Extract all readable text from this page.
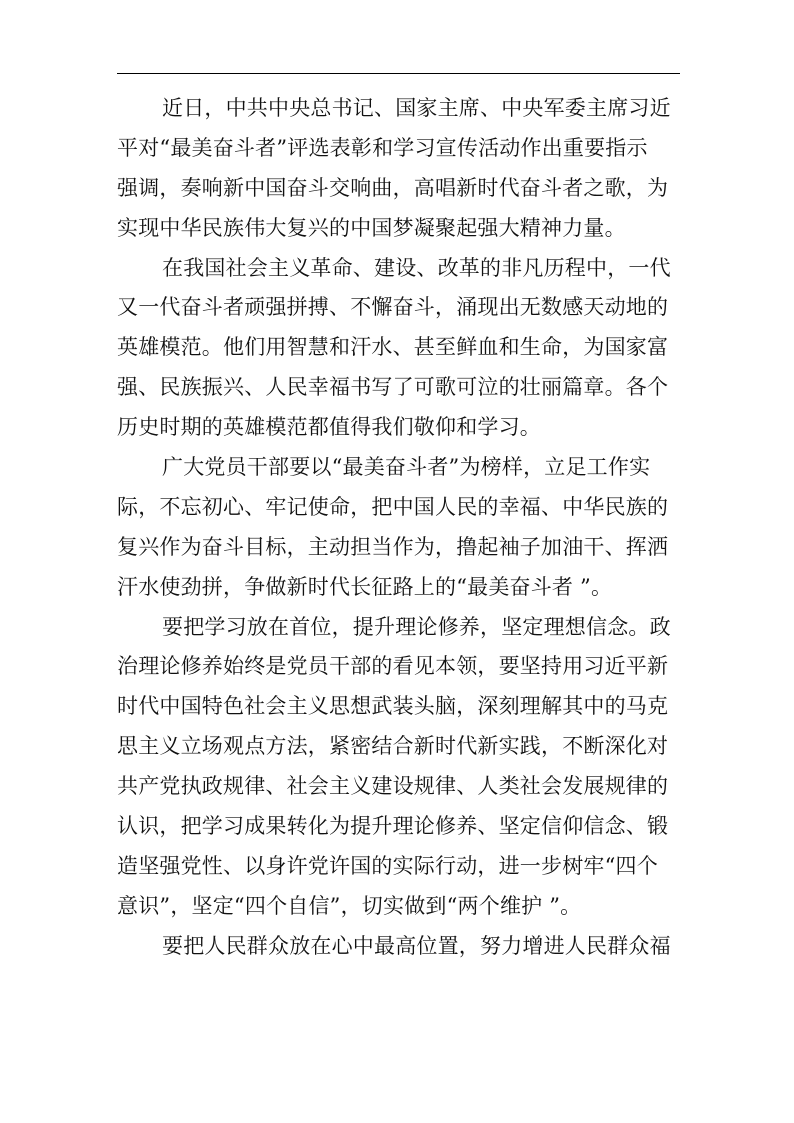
近日，中共中央总书记、国家主席、中央军委主席习近
平对“最美奋斗者”评选表彰和学习宣传活动作出重要指示
强调，奏响新中国奋斗交响曲，高唱新时代奋斗者之歌，为
实现中华民族伟大复兴的中国梦凝聚起强大精神力量。
在我国社会主义革命、建设、改革的非凡历程中，一代
又一代奋斗者顽强拼搏、不懈奋斗，涌现出无数感天动地的
英雄模范。他们用智慧和汗水、甚至鲜血和生命，为国家富
强、民族振兴、人民幸福书写了可歌可泣的壮丽篇章。各个
历史时期的英雄模范都值得我们敬仰和学习。
广大党员干部要以“最美奋斗者”为榜样，立足工作实
际，不忘初心、牢记使命，把中国人民的幸福、中华民族的
复兴作为奋斗目标，主动担当作为，撸起袖子加油干、挥洒
汗水使劲拼，争做新时代长征路上的“最美奋斗者 ”。
要把学习放在首位，提升理论修养，坚定理想信念。政
治理论修养始终是党员干部的看见本领，要坚持用习近平新
时代中国特色社会主义思想武装头脑，深刻理解其中的马克
思主义立场观点方法，紧密结合新时代新实践，不断深化对
共产党执政规律、社会主义建设规律、人类社会发展规律的
认识，把学习成果转化为提升理论修养、坚定信仰信念、锻
造坚强党性、以身许党许国的实际行动，进一步树牢“四个
意识”，坚定“四个自信”，切实做到“两个维护 ”。
要把人民群众放在心中最高位置，努力增进人民群众福
